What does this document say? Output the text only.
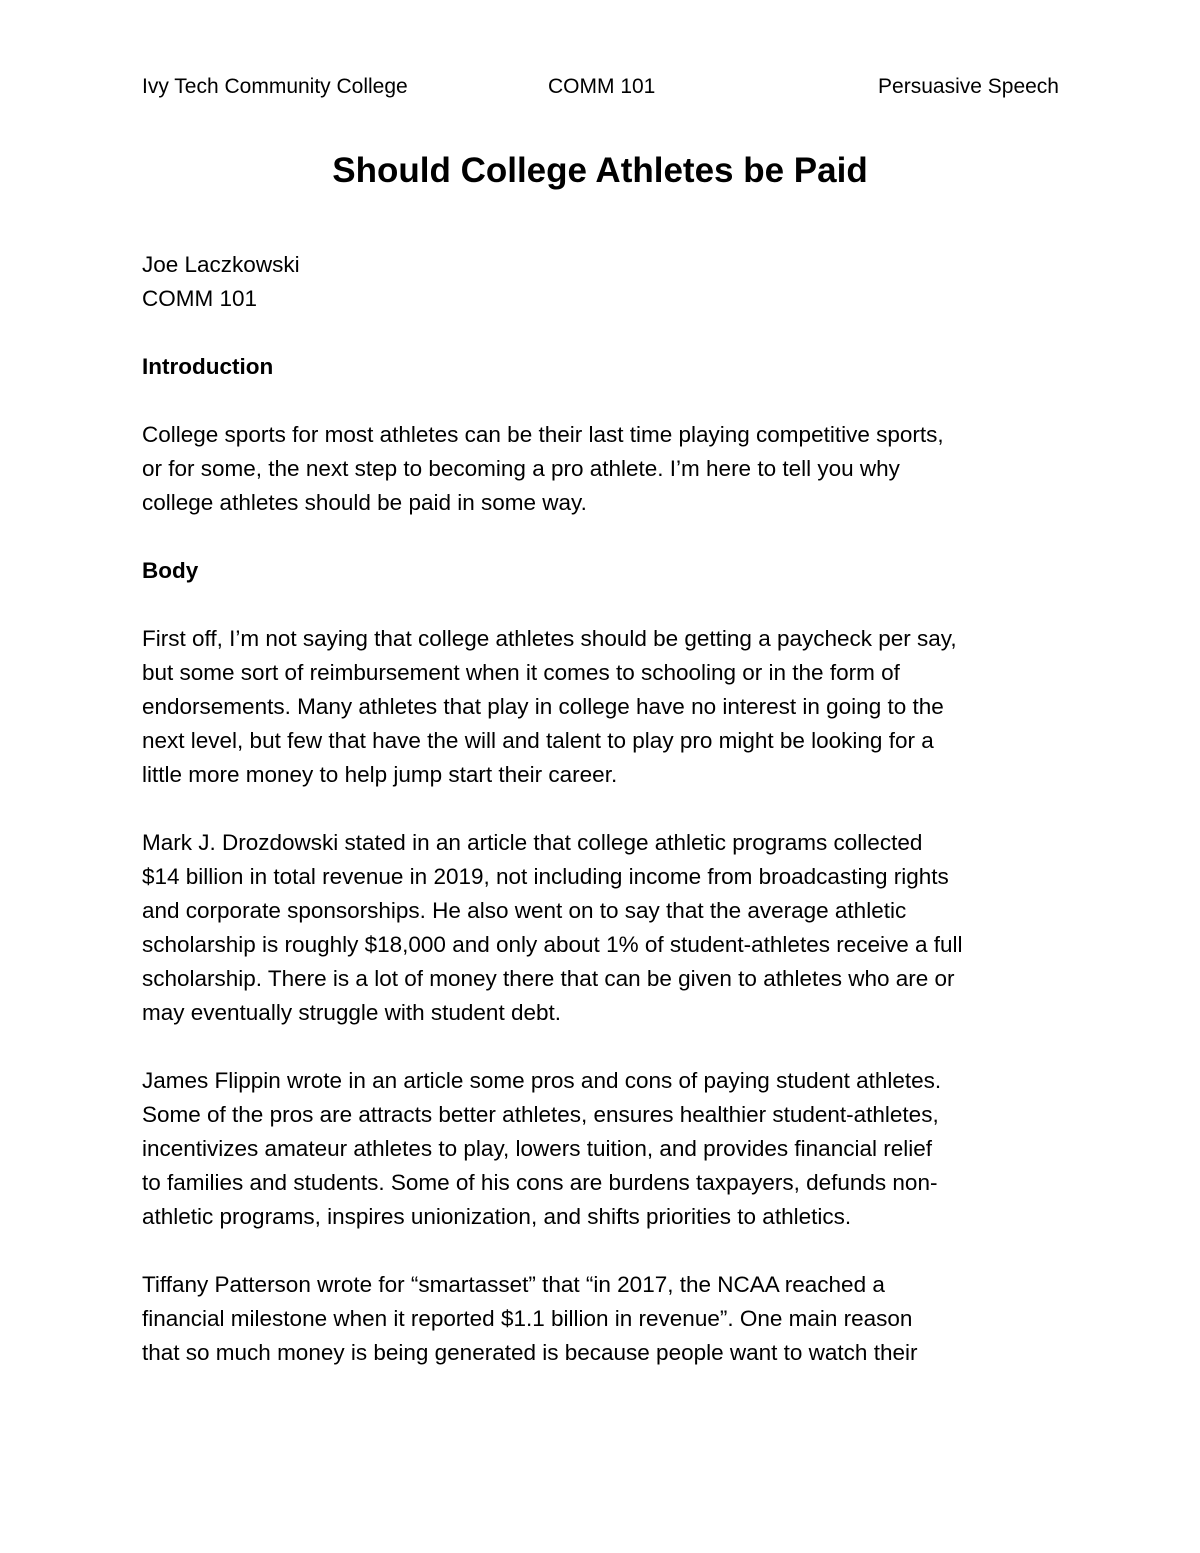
Ivy Tech Community College	COMM 101	Persuasive Speech
Should College Athletes be Paid
Joe Laczkowski
COMM 101
Introduction

College sports for most athletes can be their last time playing competitive sports,
or for some, the next step to becoming a pro athlete. I’m here to tell you why
college athletes should be paid in some way.

Body

First off, I’m not saying that college athletes should be getting a paycheck per say,
but some sort of reimbursement when it comes to schooling or in the form of
endorsements. Many athletes that play in college have no interest in going to the
next level, but few that have the will and talent to play pro might be looking for a
little more money to help jump start their career.

Mark J. Drozdowski stated in an article that college athletic programs collected
$14 billion in total revenue in 2019, not including income from broadcasting rights
and corporate sponsorships. He also went on to say that the average athletic
scholarship is roughly $18,000 and only about 1% of student-athletes receive a full
scholarship. There is a lot of money there that can be given to athletes who are or
may eventually struggle with student debt.

James Flippin wrote in an article some pros and cons of paying student athletes.
Some of the pros are attracts better athletes, ensures healthier student-athletes,
incentivizes amateur athletes to play, lowers tuition, and provides financial relief
to families and students. Some of his cons are burdens taxpayers, defunds non-
athletic programs, inspires unionization, and shifts priorities to athletics.

Tiffany Patterson wrote for “smartasset” that “in 2017, the NCAA reached a
financial milestone when it reported $1.1 billion in revenue”. One main reason
that so much money is being generated is because people want to watch their
